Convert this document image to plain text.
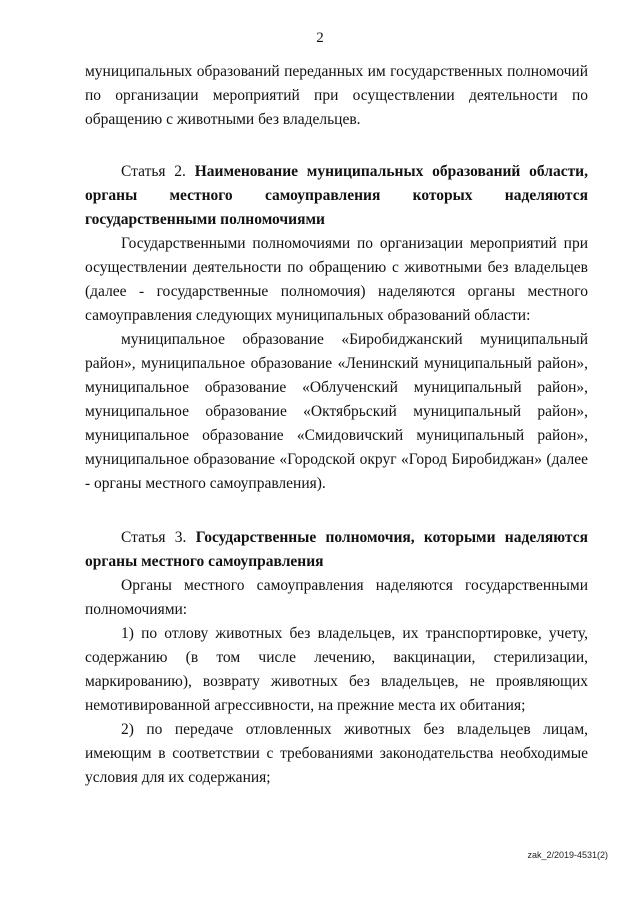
2

муниципальных образований переданных им государственных полномочий по организации мероприятий при осуществлении деятельности по обращению с животными без владельцев.

Статья 2. Наименование муниципальных образований области, органы местного самоуправления которых наделяются государственными полномочиями

Государственными полномочиями по организации мероприятий при осуществлении деятельности по обращению с животными без владельцев (далее - государственные полномочия) наделяются органы местного самоуправления следующих муниципальных образований области:

муниципальное образование «Биробиджанский муниципальный район», муниципальное образование «Ленинский муниципальный район», муниципальное образование «Облученский муниципальный район», муниципальное образование «Октябрьский муниципальный район», муниципальное образование «Смидовичский муниципальный район», муниципальное образование «Городской округ «Город Биробиджан» (далее - органы местного самоуправления).

Статья 3. Государственные полномочия, которыми наделяются органы местного самоуправления

Органы местного самоуправления наделяются государственными полномочиями:

1) по отлову животных без владельцев, их транспортировке, учету, содержанию (в том числе лечению, вакцинации, стерилизации, маркированию), возврату животных без владельцев, не проявляющих немотивированной агрессивности, на прежние места их обитания;

2) по передаче отловленных животных без владельцев лицам, имеющим в соответствии с требованиями законодательства необходимые условия для их содержания;

zak_2/2019-4531(2)
